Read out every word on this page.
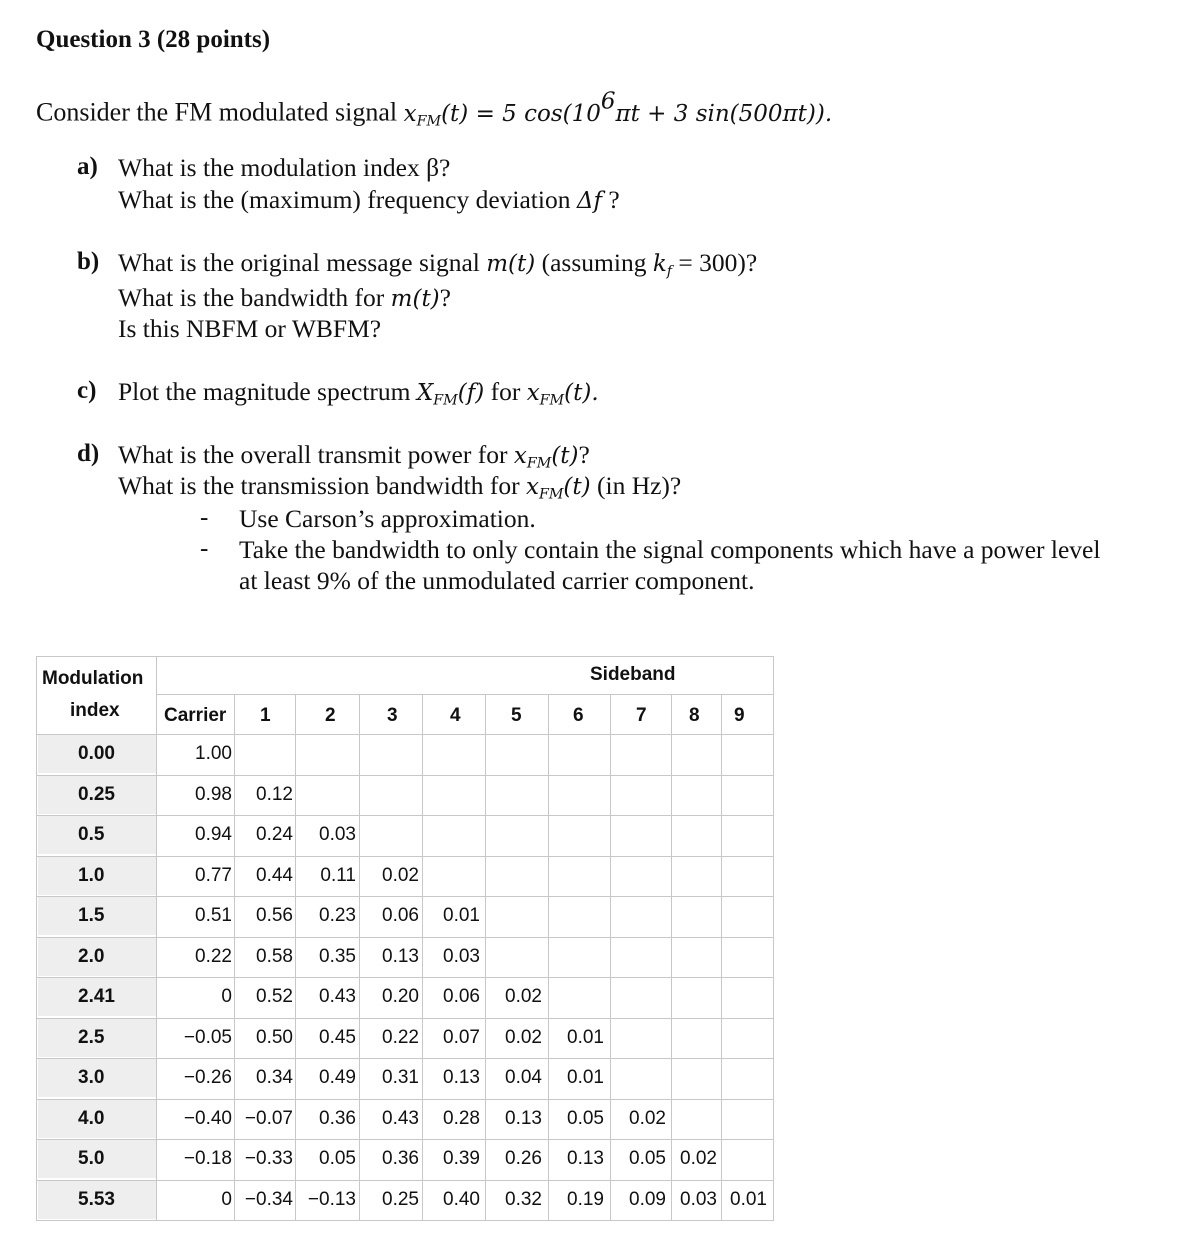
Question 3 (28 points)
Consider the FM modulated signal $x_{FM}(t) = 5$ $\cos(10^6\pi t + 3$ sin(500πt)).
a) What is the modulation index β?
What is the (maximum) frequency deviation Δf ?
b) What is the original message signal m(t) (assuming $k_f = 300$)?
What is the bandwidth for m(t)?
Is this NBFM or WBFM?
c) Plot the magnitude spectrum $X_{FM}(f)$ for $x_{FM}(t)$.
d) What is the overall transmit power for $x_{FM}(t)$?
What is the transmission bandwidth for $x_{FM}(t)$ (in Hz)?
- Use Carson’s approximation.
- Take the bandwidth to only contain the signal components which have a power level
at least 9% of the unmodulated carrier component.
Modulation
index
Sideband
Carrier 1	2	3	4	5	6	7 8 9
0.00	1.00
0.25	0.98	0.12
0.5	0.94	0.24	0.03
1.0	0.77	0.44	0.11	0.02
1.5	0.51	0.56	0.23	0.06	0.01
2.0	0.22	0.58	0.35	0.13	0.03
2.41	0	0.52	0.43	0.20	0.06	0.02
2.5	−0.05	0.50	0.45	0.22	0.07	0.02	0.01
3.0	−0.26	0.34	0.49	0.31	0.13	0.04	0.01
4.0	−0.40 −0.07	0.36	0.43	0.28	0.13	0.05	0.02
5.0	−0.18 −0.33	0.05	0.36	0.39	0.26	0.13	0.05 0.02
5.53	0 −0.34 −0.13	0.25	0.40	0.32	0.19	0.09 0.03 0.01
